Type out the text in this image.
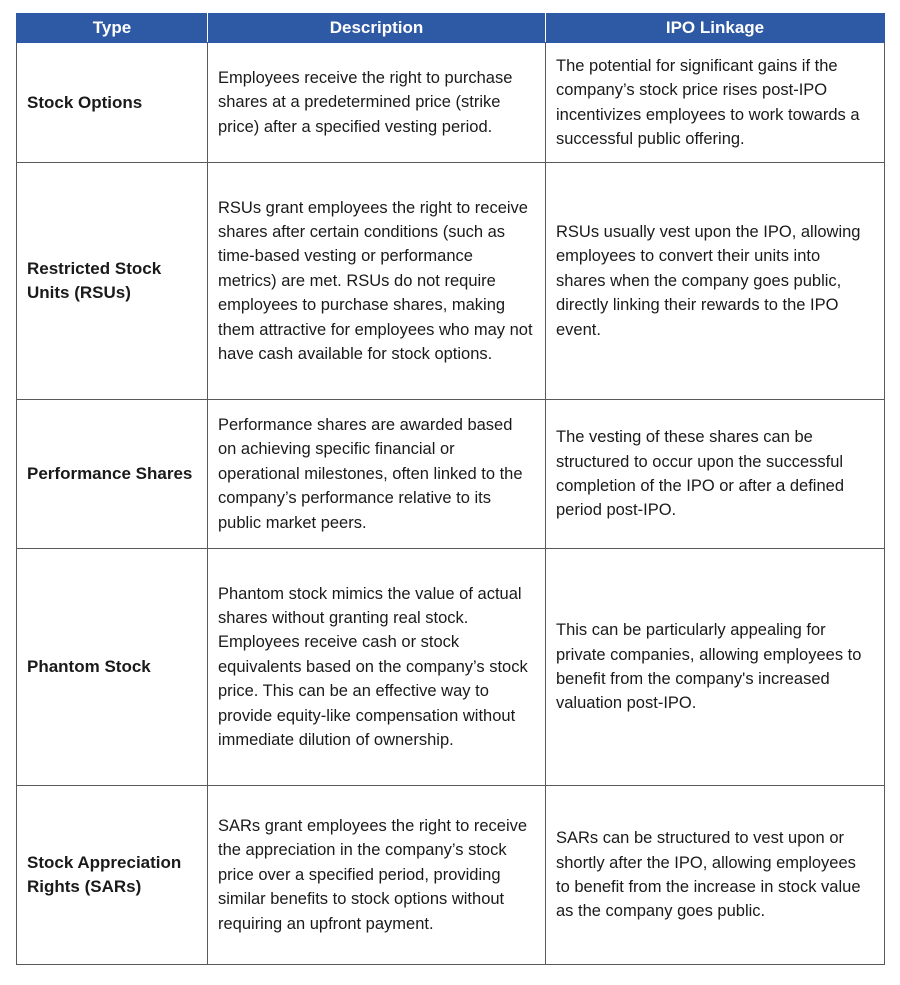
Type	Description	IPO Linkage
Stock Options	Employees receive the right to purchase shares at a predetermined price (strike price) after a specified vesting period.	The potential for significant gains if the company’s stock price rises post-IPO incentivizes employees to work towards a successful public offering.
Restricted Stock Units (RSUs)	RSUs grant employees the right to receive shares after certain conditions (such as time-based vesting or performance metrics) are met. RSUs do not require employees to purchase shares, making them attractive for employees who may not have cash available for stock options.	RSUs usually vest upon the IPO, allowing employees to convert their units into shares when the company goes public, directly linking their rewards to the IPO event.
Performance Shares	Performance shares are awarded based on achieving specific financial or operational milestones, often linked to the company’s performance relative to its public market peers.	The vesting of these shares can be structured to occur upon the successful completion of the IPO or after a defined period post-IPO.
Phantom Stock	Phantom stock mimics the value of actual shares without granting real stock. Employees receive cash or stock equivalents based on the company’s stock price. This can be an effective way to provide equity-like compensation without immediate dilution of ownership.	This can be particularly appealing for private companies, allowing employees to benefit from the company's increased valuation post-IPO.
Stock Appreciation Rights (SARs)	SARs grant employees the right to receive the appreciation in the company’s stock price over a specified period, providing similar benefits to stock options without requiring an upfront payment.	SARs can be structured to vest upon or shortly after the IPO, allowing employees to benefit from the increase in stock value as the company goes public.
